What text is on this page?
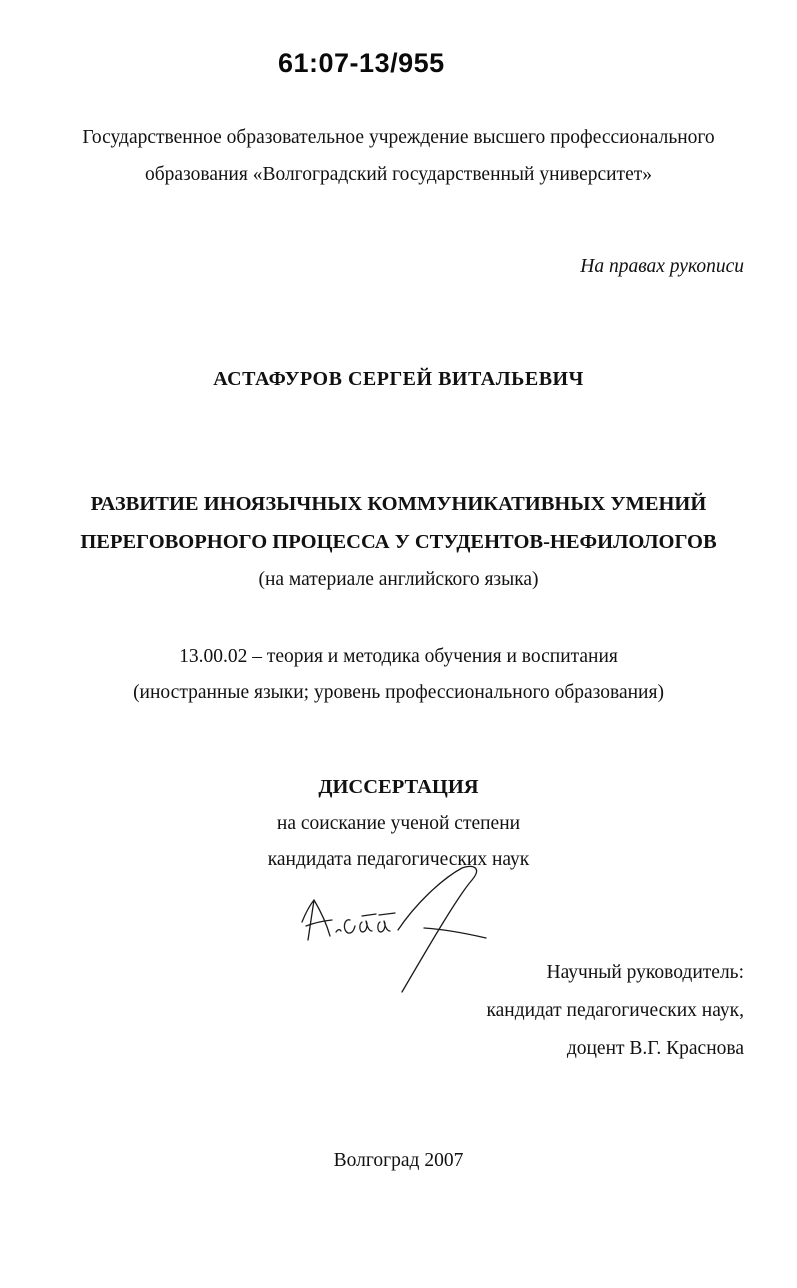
61:07-13/955
Государственное образовательное учреждение высшего профессионального
образования «Волгоградский государственный университет»
На правах рукописи
АСТАФУРОВ СЕРГЕЙ ВИТАЛЬЕВИЧ
РАЗВИТИЕ ИНОЯЗЫЧНЫХ КОММУНИКАТИВНЫХ УМЕНИЙ
ПЕРЕГОВОРНОГО ПРОЦЕССА У СТУДЕНТОВ-НЕФИЛОЛОГОВ
(на материале английского языка)
13.00.02 – теория и методика обучения и воспитания
(иностранные языки; уровень профессионального образования)
ДИССЕРТАЦИЯ
на соискание ученой степени
кандидата педагогических наук
Научный руководитель:
кандидат педагогических наук,
доцент В.Г. Краснова
Волгоград 2007
